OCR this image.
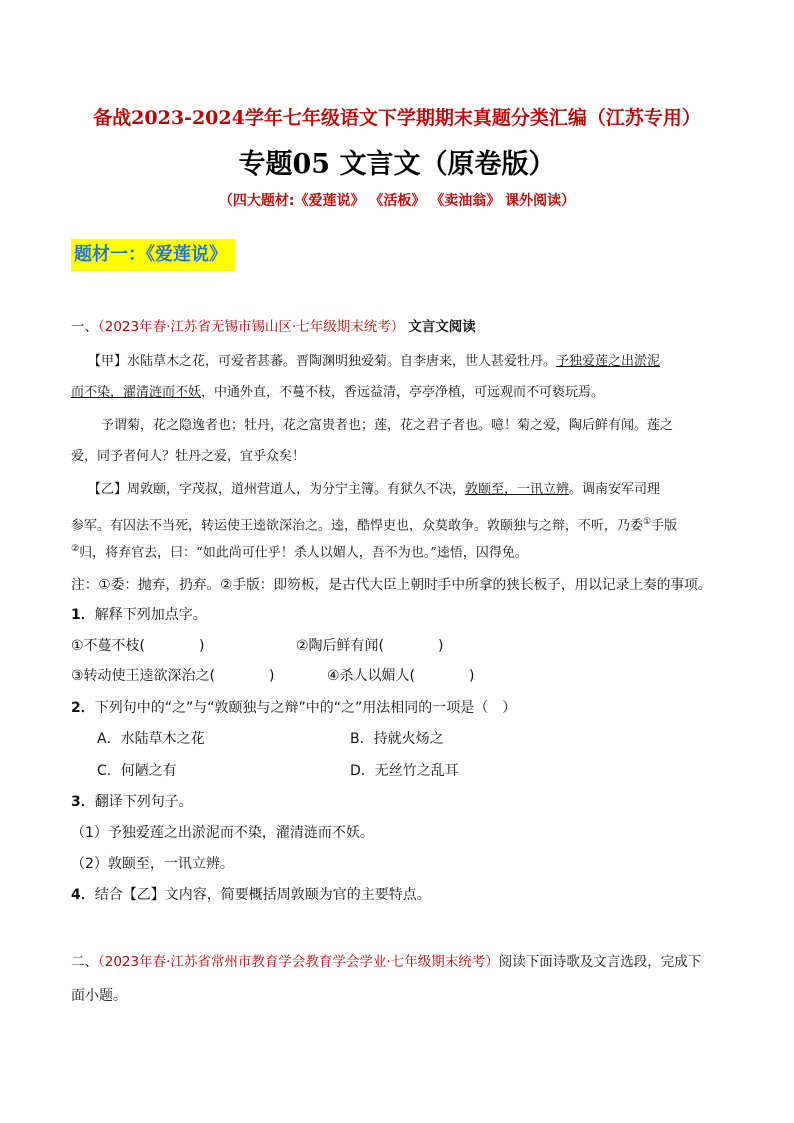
备战2023-2024学年七年级语文下学期期末真题分类汇编（江苏专用）
专题05 文言文（原卷版）
（四大题材:《爱莲说》 《活板》 《卖油翁》 课外阅读）
题材一：《爱莲说》
一、（2023年春·江苏省无锡市锡山区·七年级期末统考） 文言文阅读
【甲】水陆草木之花，可爱者甚蕃。晋陶渊明独爱菊。自李唐来，世人甚爱牡丹。予独爱莲之出淤泥
而不染，濯清涟而不妖，中通外直，不蔓不枝，香远益清，亭亭净植，可远观而不可亵玩焉。
予谓菊，花之隐逸者也；牡丹，花之富贵者也；莲，花之君子者也。噫！菊之爱，陶后鲜有闻。莲之
爱，同予者何人？牡丹之爱，宜乎众矣！
【乙】周敦颐，字茂叔，道州营道人，为分宁主簿。有狱久不决，敦颐至，一讯立辨。调南安军司理
参军。有囚法不当死，转运使王逵欲深治之。逵，酷悍吏也，众莫敢争。敦颐独与之辩，不听，乃委①手版
②归，将弃官去，曰：“如此尚可仕乎！杀人以媚人，吾不为也。”逵悟，囚得免。
注：①委：抛弃，扔弃。②手版：即笏板，是古代大臣上朝时手中所拿的狭长板子，用以记录上奏的事项。
1．解释下列加点字。
①不蔓不枝(	)	②陶后鲜有闻(	)
③转动使王逵欲深治之(	)	④杀人以媚人(	)
2．下列句中的“之”与“敦颐独与之辩”中的“之”用法相同的一项是（　）
A．水陆草木之花	B．持就火炀之
C．何陋之有	D．无丝竹之乱耳
3．翻译下列句子。
（1）予独爱莲之出淤泥而不染，濯清涟而不妖。
（2）敦颐至，一讯立辨。
4．结合【乙】文内容，简要概括周敦颐为官的主要特点。
二、（2023年春·江苏省常州市教育学会教育学会学业·七年级期末统考）阅读下面诗歌及文言选段，完成下
面小题。
